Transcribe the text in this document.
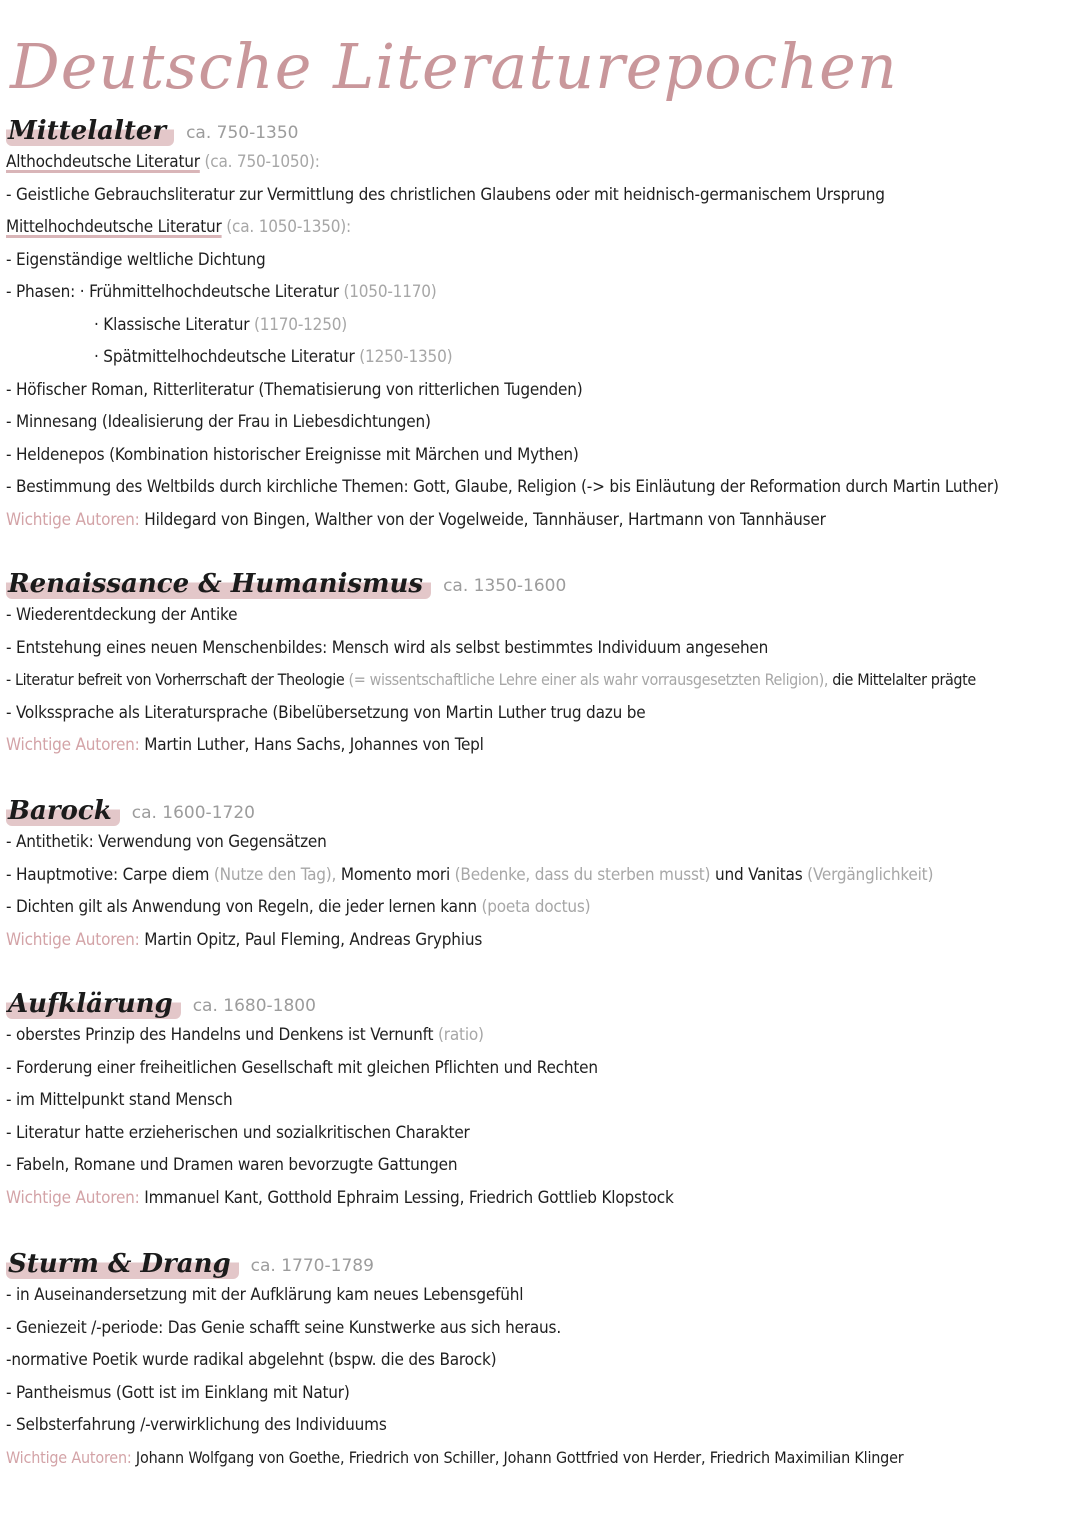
Deutsche Literaturepochen
Mittelalter	ca. 750-1350
Althochdeutsche Literatur (ca. 750-1050):
- Geistliche Gebrauchsliteratur zur Vermittlung des christlichen Glaubens oder mit heidnisch-germanischem Ursprung
Mittelhochdeutsche Literatur (ca. 1050-1350):
- Eigenständige weltliche Dichtung
- Phasen: · Frühmittelhochdeutsche Literatur (1050-1170)
· Klassische Literatur (1170-1250)
· Spätmittelhochdeutsche Literatur (1250-1350)
- Höfischer Roman, Ritterliteratur (Thematisierung von ritterlichen Tugenden)
- Minnesang (Idealisierung der Frau in Liebesdichtungen)
- Heldenepos (Kombination historischer Ereignisse mit Märchen und Mythen)
- Bestimmung des Weltbilds durch kirchliche Themen: Gott, Glaube, Religion (-> bis Einläutung der Reformation durch Martin Luther)
Wichtige Autoren: Hildegard von Bingen, Walther von der Vogelweide, Tannhäuser, Hartmann von Tannhäuser
Renaissance & Humanismus	ca. 1350-1600
- Wiederentdeckung der Antike
- Entstehung eines neuen Menschenbildes: Mensch wird als selbst bestimmtes Individuum angesehen
- Literatur befreit von Vorherrschaft der Theologie (= wissentschaftliche Lehre einer als wahr vorrausgesetzten Religion), die Mittelalter prägte
- Volkssprache als Literatursprache (Bibelübersetzung von Martin Luther trug dazu be
Wichtige Autoren: Martin Luther, Hans Sachs, Johannes von Tepl
Barock	ca. 1600-1720
- Antithetik: Verwendung von Gegensätzen
- Hauptmotive: Carpe diem (Nutze den Tag), Momento mori (Bedenke, dass du sterben musst) und Vanitas (Vergänglichkeit)
- Dichten gilt als Anwendung von Regeln, die jeder lernen kann (poeta doctus)
Wichtige Autoren: Martin Opitz, Paul Fleming, Andreas Gryphius
Aufklärung	ca. 1680-1800
- oberstes Prinzip des Handelns und Denkens ist Vernunft (ratio)
- Forderung einer freiheitlichen Gesellschaft mit gleichen Pflichten und Rechten
- im Mittelpunkt stand Mensch
- Literatur hatte erzieherischen und sozialkritischen Charakter
- Fabeln, Romane und Dramen waren bevorzugte Gattungen
Wichtige Autoren: Immanuel Kant, Gotthold Ephraim Lessing, Friedrich Gottlieb Klopstock
Sturm & Drang	ca. 1770-1789
- in Auseinandersetzung mit der Aufklärung kam neues Lebensgefühl
- Geniezeit /-periode: Das Genie schafft seine Kunstwerke aus sich heraus.
-normative Poetik wurde radikal abgelehnt (bspw. die des Barock)
- Pantheismus (Gott ist im Einklang mit Natur)
- Selbsterfahrung /-verwirklichung des Individuums
Wichtige Autoren: Johann Wolfgang von Goethe, Friedrich von Schiller, Johann Gottfried von Herder, Friedrich Maximilian Klinger
